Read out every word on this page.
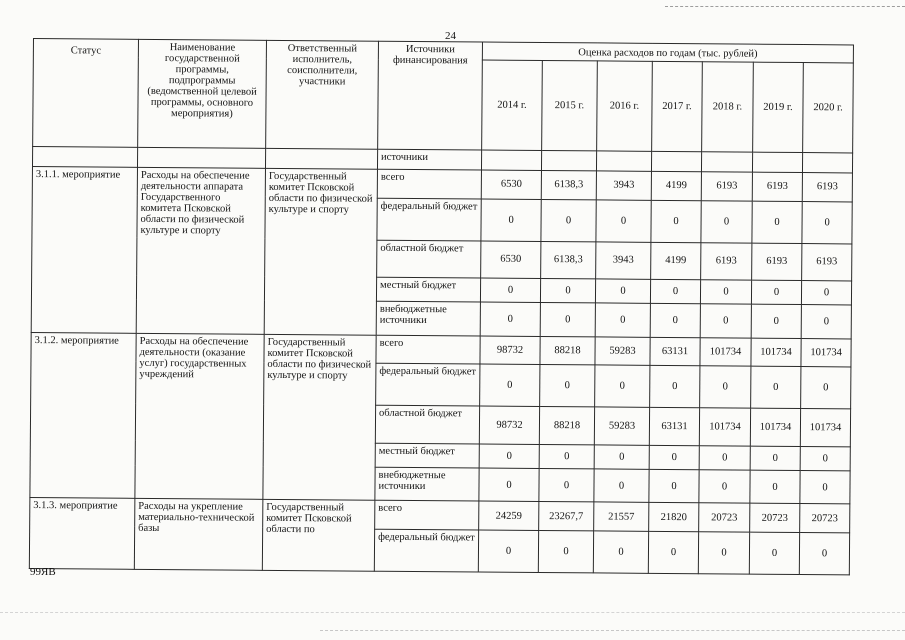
24
Статус	Наименование государственной программы, подпрограммы (ведомственной целевой программы, основного мероприятия)	Ответственный исполнитель, соисполнители, участники	Источники финансирования	Оценка расходов по годам (тыс. рублей)						
				2014 г.	2015 г.	2016 г.	2017 г.	2018 г.	2019 г.	2020 г.
			источники							
3.1.1. мероприятие	Расходы на обеспечение деятельности аппарата Государственного комитета Псковской области по физической культуре и спорту	Государственный комитет Псковской области по физической культуре и спорту	всего	6530	6138,3	3943	4199	6193	6193	6193
			федеральный бюджет	0	0	0	0	0	0	0
			областной бюджет	6530	6138,3	3943	4199	6193	6193	6193
			местный бюджет	0	0	0	0	0	0	0
			внебюджетные источники	0	0	0	0	0	0	0
3.1.2. мероприятие	Расходы на обеспечение деятельности (оказание услуг) государственных учреждений	Государственный комитет Псковской области по физической культуре и спорту	всего	98732	88218	59283	63131	101734	101734	101734
			федеральный бюджет	0	0	0	0	0	0	0
			областной бюджет	98732	88218	59283	63131	101734	101734	101734
			местный бюджет	0	0	0	0	0	0	0
			внебюджетные источники	0	0	0	0	0	0	0
3.1.3. мероприятие	Расходы на укрепление материально-технической базы	Государственный комитет Псковской области по	всего	24259	23267,7	21557	21820	20723	20723	20723
			федеральный бюджет	0	0	0	0	0	0	0
99ЯВ
